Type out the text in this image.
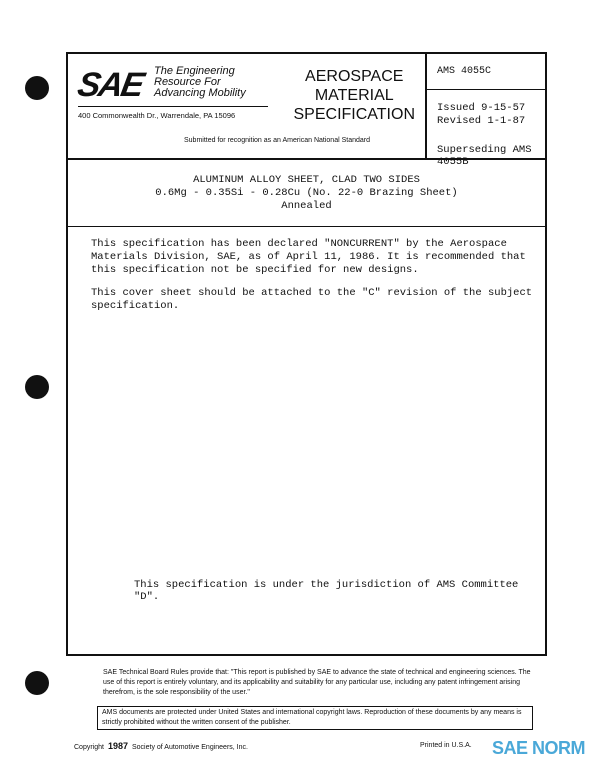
SAE The Engineering
Resource For
Advancing Mobility
400 Commonwealth Dr., Warrendale, PA 15096
AEROSPACE
MATERIAL
SPECIFICATION
Submitted for recognition as an American National Standard
AMS 4055C
Issued 9-15-57
Revised 1-1-87
Superseding AMS 4055B
ALUMINUM ALLOY SHEET, CLAD TWO SIDES
0.6Mg - 0.35Si - 0.28Cu (No. 22-0 Brazing Sheet)
Annealed

This specification has been declared "NONCURRENT" by the Aerospace Materials Division, SAE, as of April 11, 1986. It is recommended that this specification not be specified for new designs.

This cover sheet should be attached to the "C" revision of the subject specification.

This specification is under the jurisdiction of AMS Committee "D".
SAE Technical Board Rules provide that: "This report is published by SAE to advance the state of technical and engineering sciences. The use of this report is entirely voluntary, and its applicability and suitability for any particular use, including any patent infringement arising therefrom, is the sole responsibility of the user."
AMS documents are protected under United States and international copyright laws. Reproduction of these documents by any means is strictly prohibited without the written consent of the publisher.
Copyright 1987 Society of Automotive Engineers, Inc.	Printed in U.S.A. SAE NORM
